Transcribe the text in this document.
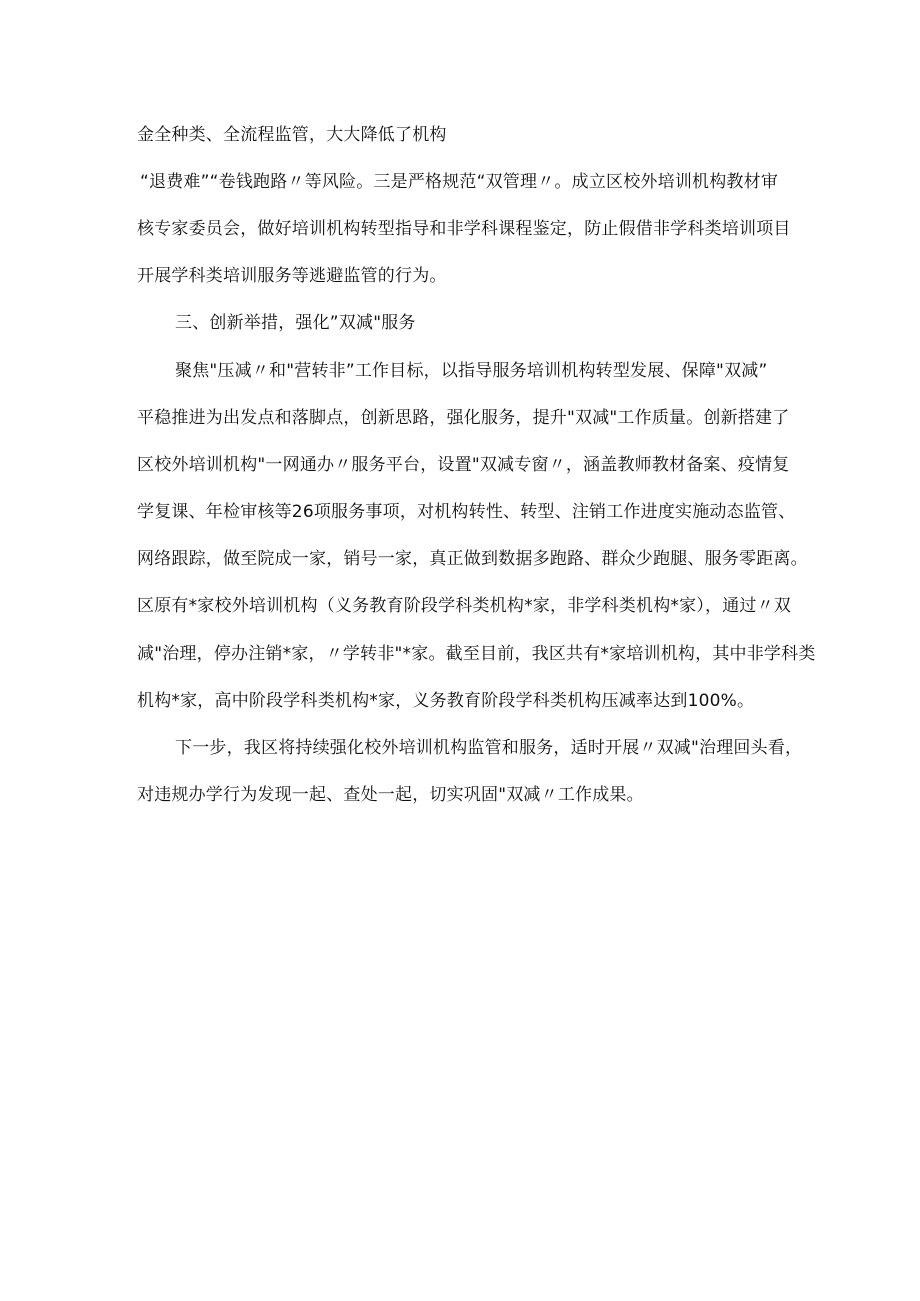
金全种类、全流程监管，大大降低了机构
“退费难”“卷钱跑路〃等风险。三是严格规范“双管理〃。成立区校外培训机构教材审
核专家委员会，做好培训机构转型指导和非学科课程鉴定，防止假借非学科类培训项目
开展学科类培训服务等逃避监管的行为。
三、创新举措，强化”双减"服务
聚焦"压减〃和"营转非”工作目标，以指导服务培训机构转型发展、保障"双减”
平稳推进为出发点和落脚点，创新思路，强化服务，提升"双减"工作质量。创新搭建了
区校外培训机构"一网通办〃服务平台，设置"双减专窗〃，涵盖教师教材备案、疫情复
学复课、年检审核等26项服务事项，对机构转性、转型、注销工作进度实施动态监管、
网络跟踪，做至院成一家，销号一家，真正做到数据多跑路、群众少跑腿、服务零距离。
区原有*家校外培训机构（义务教育阶段学科类机构*家，非学科类机构*家），通过〃双
减"治理，停办注销*家，〃学转非"*家。截至目前，我区共有*家培训机构，其中非学科类
机构*家，高中阶段学科类机构*家，义务教育阶段学科类机构压减率达到100%。
下一步，我区将持续强化校外培训机构监管和服务，适时开展〃双减"治理回头看，
对违规办学行为发现一起、查处一起，切实巩固"双减〃工作成果。
